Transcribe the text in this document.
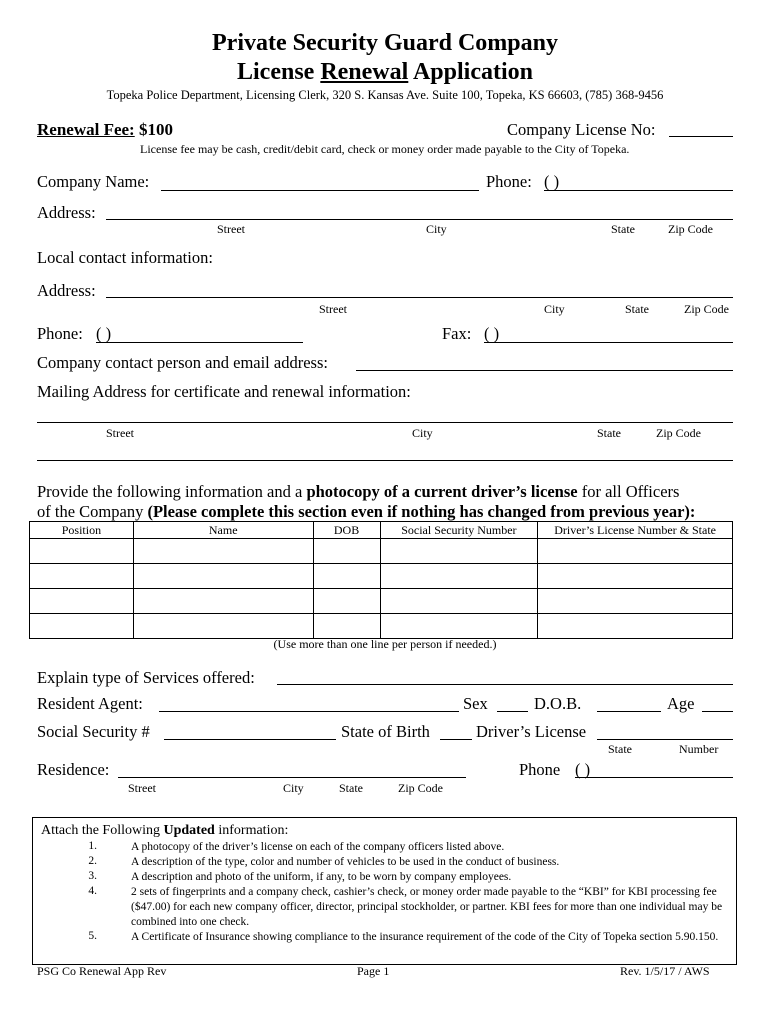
Private Security Guard Company
License Renewal Application
Topeka Police Department, Licensing Clerk, 320 S. Kansas Ave. Suite 100, Topeka, KS 66603, (785) 368-9456
Renewal Fee: $100	Company License No:
License fee may be cash, credit/debit card, check or money order made payable to the City of Topeka.
Company Name:	Phone: ( )
Address:
Street	City	State	Zip Code
Local contact information:
Address:
Street	City	State	Zip Code
Phone: ( )	Fax: ( )
Company contact person and email address:
Mailing Address for certificate and renewal information:
Street	City	State	Zip Code
Provide the following information and a photocopy of a current driver’s license for all Officers
of the Company (Please complete this section even if nothing has changed from previous year):
Position	Name	DOB	Social Security Number	Driver’s License Number & State

(Use more than one line per person if needed.)
Explain type of Services offered:
Resident Agent:	Sex	D.O.B.	Age
Social Security #	State of Birth	Driver’s License
State	Number
Residence:	Phone ( )
Street	City	State	Zip Code
Attach the Following Updated information:
1.	A photocopy of the driver’s license on each of the company officers listed above.
2.	A description of the type, color and number of vehicles to be used in the conduct of business.
3.	A description and photo of the uniform, if any, to be worn by company employees.
4.	2 sets of fingerprints and a company check, cashier’s check, or money order made payable to the “KBI” for KBI processing fee ($47.00) for each new company officer, director, principal stockholder, or partner. KBI fees for more than one individual may be combined into one check.
5.	A Certificate of Insurance showing compliance to the insurance requirement of the code of the City of Topeka section 5.90.150.
PSG Co Renewal App Rev	Page 1	Rev. 1/5/17 / AWS
